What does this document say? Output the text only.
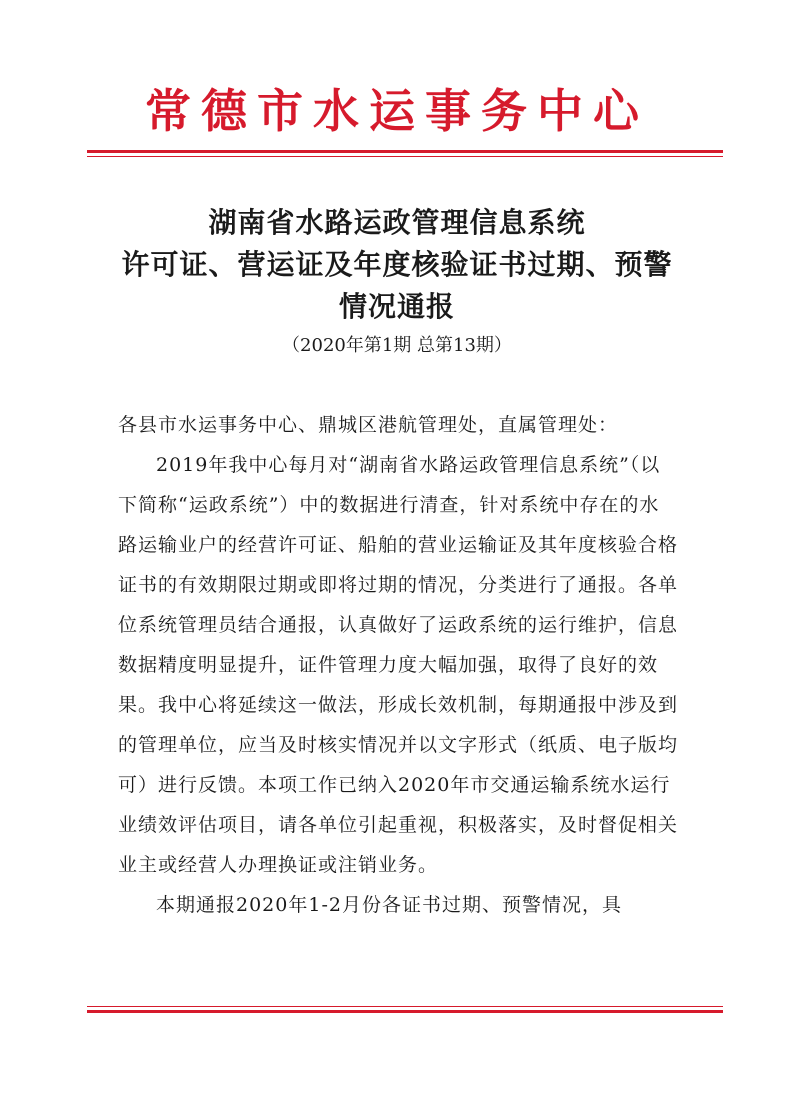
常德市水运事务中心
湖南省水路运政管理信息系统
许可证、营运证及年度核验证书过期、预警
情况通报
（2020年第1期 总第13期）

各县市水运事务中心、鼎城区港航管理处，直属管理处：

2019年我中心每月对“湖南省水路运政管理信息系统”（以下简称“运政系统”）中的数据进行清查，针对系统中存在的水路运输业户的经营许可证、船舶的营业运输证及其年度核验合格证书的有效期限过期或即将过期的情况，分类进行了通报。各单位系统管理员结合通报，认真做好了运政系统的运行维护，信息数据精度明显提升，证件管理力度大幅加强，取得了良好的效果。我中心将延续这一做法，形成长效机制，每期通报中涉及到的管理单位，应当及时核实情况并以文字形式（纸质、电子版均可）进行反馈。本项工作已纳入2020年市交通运输系统水运行业绩效评估项目，请各单位引起重视，积极落实，及时督促相关业主或经营人办理换证或注销业务。

本期通报2020年1-2月份各证书过期、预警情况，具
